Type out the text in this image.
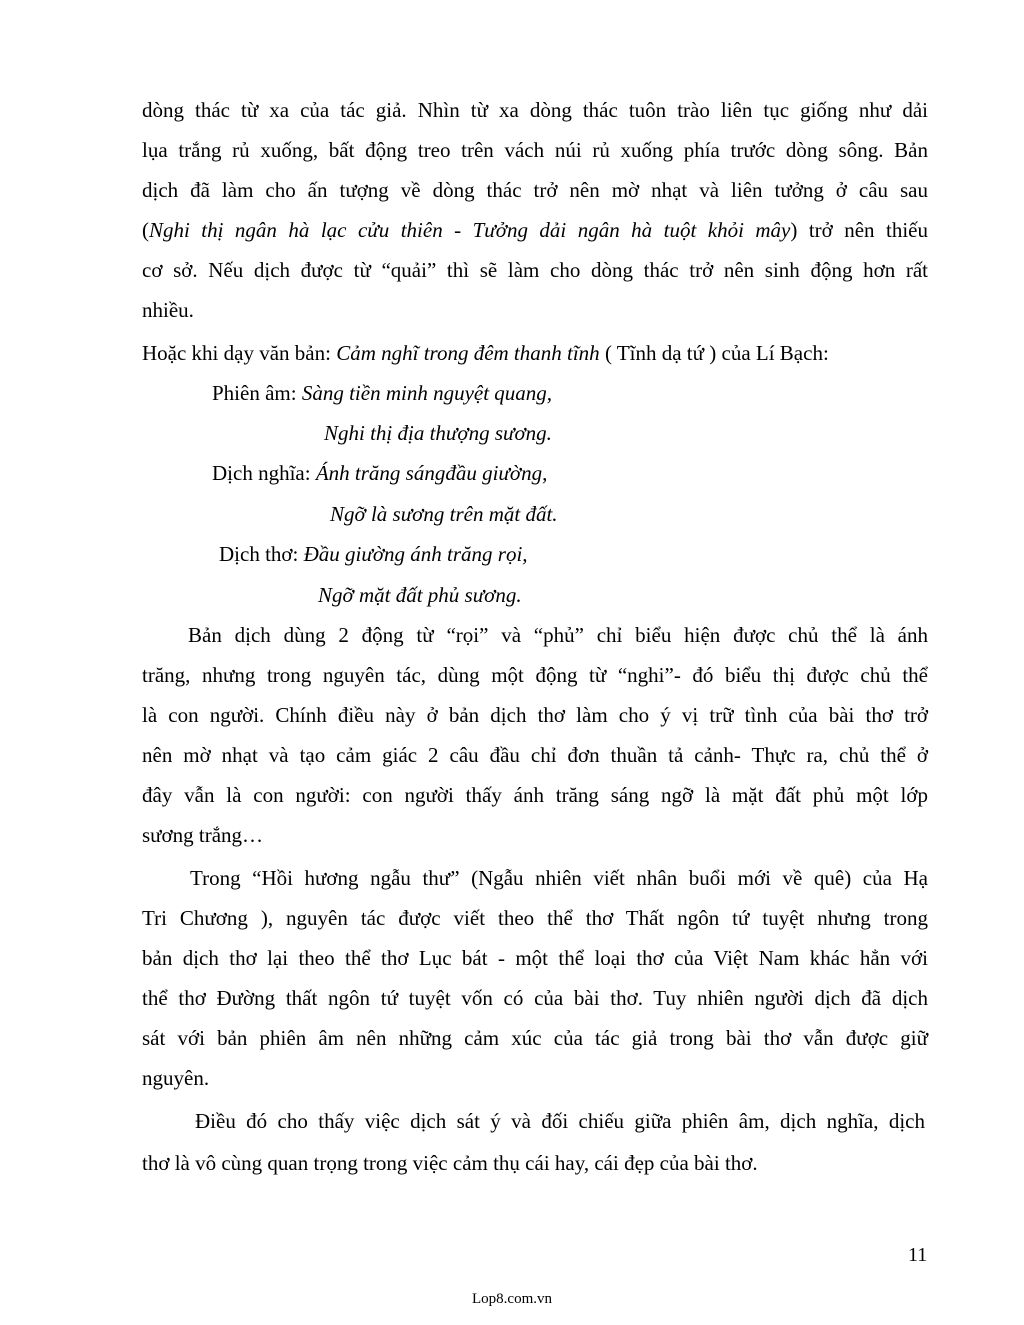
dòng thác từ xa của tác giả. Nhìn từ xa dòng thác tuôn trào liên tục giống như dải
lụa trắng rủ xuống, bất động treo trên vách núi rủ xuống phía trước dòng sông. Bản
dịch đã làm cho ấn tượng về dòng thác trở nên mờ nhạt và liên tưởng ở câu sau
(Nghi thị ngân hà lạc cửu thiên - Tưởng dải ngân hà tuột khỏi mây) trở nên thiếu
cơ sở. Nếu dịch được từ “quải” thì sẽ làm cho dòng thác trở nên sinh động hơn rất
nhiều.
Hoặc khi dạy văn bản: Cảm nghĩ trong đêm thanh tĩnh ( Tĩnh dạ tứ ) của Lí Bạch:
Phiên âm: Sàng tiền minh nguyệt quang,
Nghi thị địa thượng sương.
Dịch nghĩa: Ánh trăng sángđầu giường,
Ngỡ là sương trên mặt đất.
Dịch thơ: Đầu giường ánh trăng rọi,
Ngỡ mặt đất phủ sương.
Bản dịch dùng 2 động từ “rọi” và “phủ” chỉ biểu hiện được chủ thể là ánh
trăng, nhưng trong nguyên tác, dùng một động từ “nghi”- đó biểu thị được chủ thể
là con người. Chính điều này ở bản dịch thơ làm cho ý vị trữ tình của bài thơ trở
nên mờ nhạt và tạo cảm giác 2 câu đầu chỉ đơn thuần tả cảnh- Thực ra, chủ thể ở
đây vẫn là con người: con người thấy ánh trăng sáng ngỡ là mặt đất phủ một lớp
sương trắng…
Trong “Hồi hương ngẫu thư” (Ngẫu nhiên viết nhân buổi mới về quê) của Hạ
Tri Chương ), nguyên tác được viết theo thể thơ Thất ngôn tứ tuyệt nhưng trong
bản dịch thơ lại theo thể thơ Lục bát - một thể loại thơ của Việt Nam khác hẳn với
thể thơ Đường thất ngôn tứ tuyệt vốn có của bài thơ. Tuy nhiên người dịch đã dịch
sát với bản phiên âm nên những cảm xúc của tác giả trong bài thơ vẫn được giữ
nguyên.
Điều đó cho thấy việc dịch sát ý và đối chiếu giữa phiên âm, dịch nghĩa, dịch
thơ là vô cùng quan trọng trong việc cảm thụ cái hay, cái đẹp của bài thơ.
11
Lop8.com.vn
